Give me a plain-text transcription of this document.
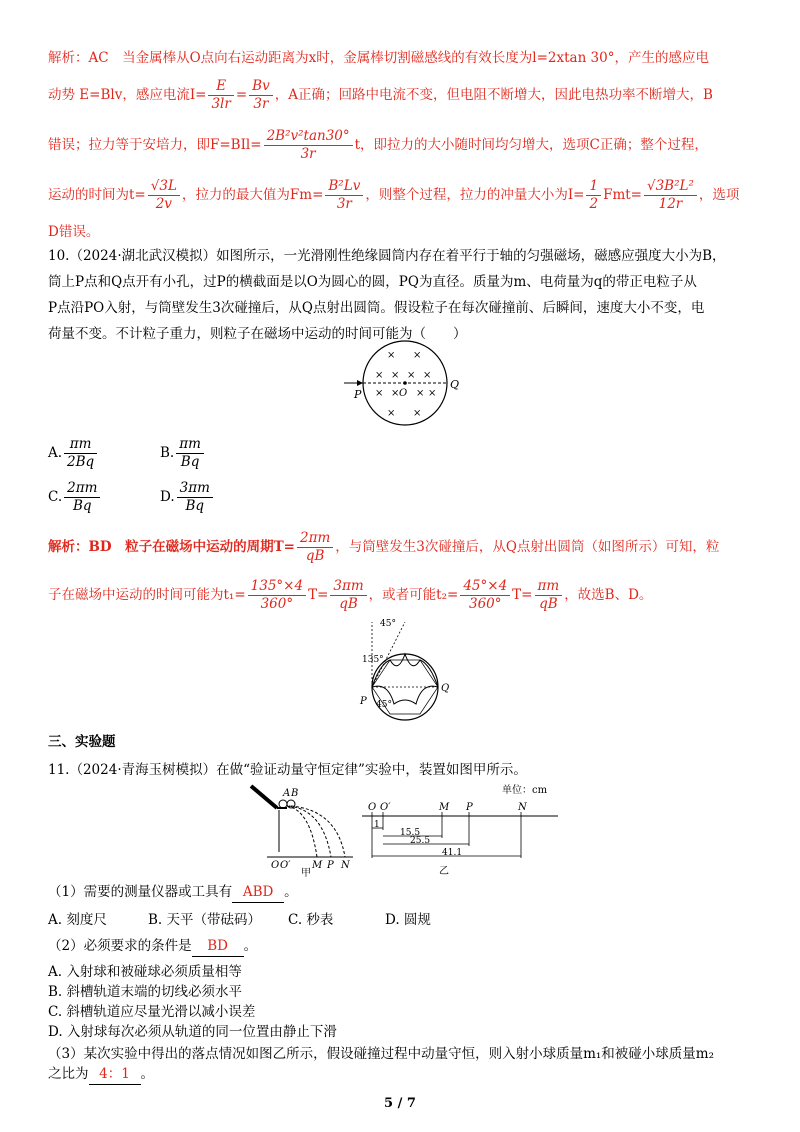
解析：AC　当金属棒从O点向右运动距离为x时，金属棒切割磁感线的有效长度为l=2xtan 30°，产生的感应电
动势 E=Blv，感应电流$I= \frac{E}{3lr} = \frac{Bv}{3r}$ ，A正确；回路中电流不变，但电阻不断增大，因此电热功率不断增大，B
错误；拉力等于安培力，即$F=BIl= \frac{\text{2B²v²tan30°}}{3r}$ t，即拉力的大小随时间均匀增大，选项C正确；整个过程，
运动的时间为$t= \frac{√3L}{2v}$ ，拉力的最大值为$Fm= \frac{\text{B²Lv}}{3r}$ ，则整个过程，拉力的冲量大小为$I= \frac{1}{2} Fmt= \frac{\text{√3B²L²}}{12r}$ ，选项
D错误。
10.（2024·湖北武汉模拟）如图所示，一光滑刚性绝缘圆筒内存在着平行于轴的匀强磁场，磁感应强度大小为B，
筒上P点和Q点开有小孔，过P的横截面是以O为圆心的圆，PQ为直径。质量为m、电荷量为q的带正电粒子从
P点沿PO入射，与筒壁发生3次碰撞后，从Q点射出圆筒。假设粒子在每次碰撞前、后瞬间，速度大小不变，电
荷量不变。不计粒子重力，则粒子在磁场中运动的时间可能为（　　）
× ×
× × × ×
× × × ×
× ×
P
Q
O
A. $\frac{\pi m}{2Bq}$	B. $\frac{\pi m}{Bq}$
C. $\frac{2\pi m}{Bq}$	D. $\frac{3\pi m}{Bq}$
解析：BD　粒子在磁场中运动的周期$T= \frac{2\pi m}{qB}$ ，与筒壁发生3次碰撞后，从Q点射出圆筒（如图所示）可知，粒
子在磁场中运动的时间可能为$t_1= \frac{135^\circ\times 4}{360^\circ} T= \frac{3\pi m}{qB}$ ，或者可能$t_2= \frac{45^\circ\times 4}{360^\circ} T= \frac{\pi m}{qB}$ ，故选B、D。
45°
135°
45°
P
Q
三、实验题
11.（2024·青海玉树模拟）在做“验证动量守恒定律”实验中，装置如图甲所示。
A B
O O′ M P N
甲
单位：cm
O O′	M P	N
1
15.5
25.5
41.1
乙
（1）需要的测量仪器或工具有 ABD 。
A. 刻度尺	B. 天平（带砝码） C. 秒表	D. 圆规
（2）必须要求的条件是 BD 。
A. 入射球和被碰球必须质量相等
B. 斜槽轨道末端的切线必须水平
C. 斜槽轨道应尽量光滑以减小误差
D. 入射球每次必须从轨道的同一位置由静止下滑
（3）某次实验中得出的落点情况如图乙所示，假设碰撞过程中动量守恒，则入射小球质量m₁和被碰小球质量m₂
之比为 4：1 。
5 / 7
